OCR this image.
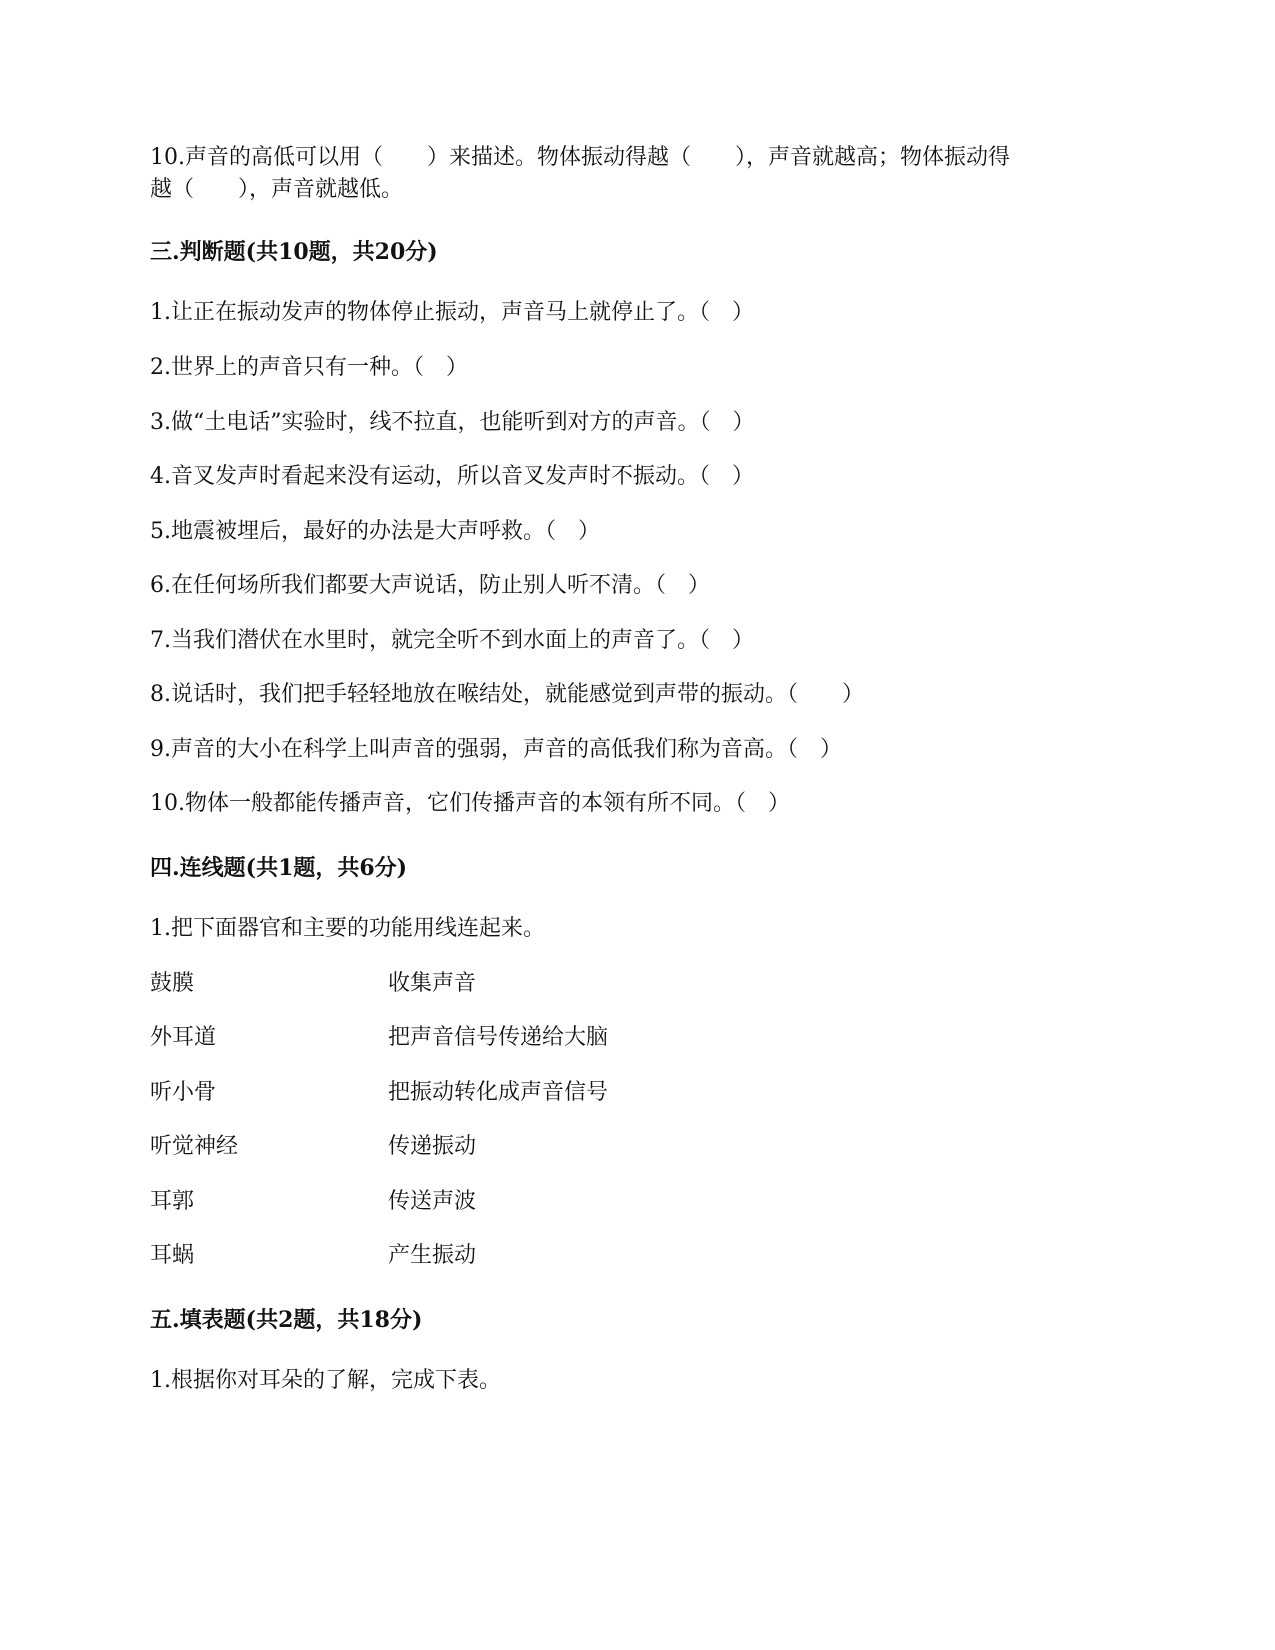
10.声音的高低可以用（　　）来描述。物体振动得越（　　），声音就越高；物体振动得
越（　　），声音就越低。
三.判断题(共10题，共20分)
1.让正在振动发声的物体停止振动，声音马上就停止了。（　）
2.世界上的声音只有一种。（　）
3.做“土电话”实验时，线不拉直，也能听到对方的声音。（　）
4.音叉发声时看起来没有运动，所以音叉发声时不振动。（　）
5.地震被埋后，最好的办法是大声呼救。（　）
6.在任何场所我们都要大声说话，防止别人听不清。（　）
7.当我们潜伏在水里时，就完全听不到水面上的声音了。（　）
8.说话时，我们把手轻轻地放在喉结处，就能感觉到声带的振动。（　　）
9.声音的大小在科学上叫声音的强弱，声音的高低我们称为音高。（　）
10.物体一般都能传播声音，它们传播声音的本领有所不同。（　）
四.连线题(共1题，共6分)
1.把下面器官和主要的功能用线连起来。
鼓膜	收集声音
外耳道	把声音信号传递给大脑
听小骨	把振动转化成声音信号
听觉神经	传递振动
耳郭	传送声波
耳蜗	产生振动
五.填表题(共2题，共18分)
1.根据你对耳朵的了解，完成下表。
